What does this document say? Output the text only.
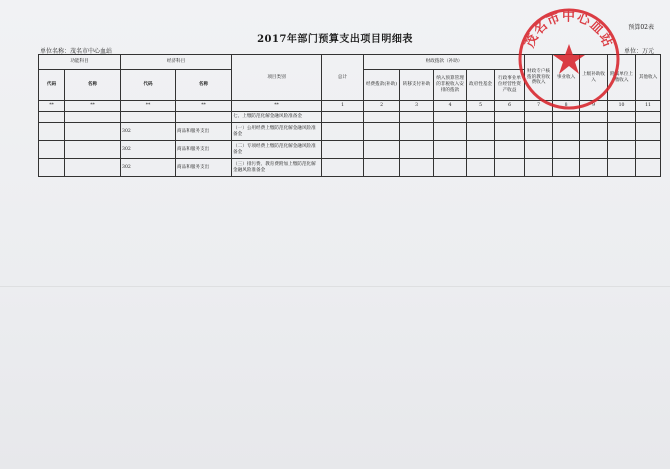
预算02表
2017年部门预算支出项目明细表
单位名称：茂名市中心血站	单位：万元
功能科目		经济科目		项目类别	总计	财政拨款（补助）					财政专户核拨的教育收费收入	事业收入	上级补助收入	附属单位上缴收入	其他收入
代码	名称	代码	名称			经费拨款(补助)	转移支付补助	纳入预算管理的非税收入安排的拨款	政府性基金	行政事业单位经营性资产收益					
**	**	**	**	**	1	2	3	4	5	6	7	8	9	10	11
				七、上缴防范化解金融风险准备金											
		302	商品和服务支出	（一）公用经费上缴防范化解金融风险准备金											
		302	商品和服务支出	（二）专项经费上缴防范化解金融风险准备金											
		302	商品和服务支出	（三）排污费、教育费附加上缴防范化解金融风险准备金											
茂名市中心血站
